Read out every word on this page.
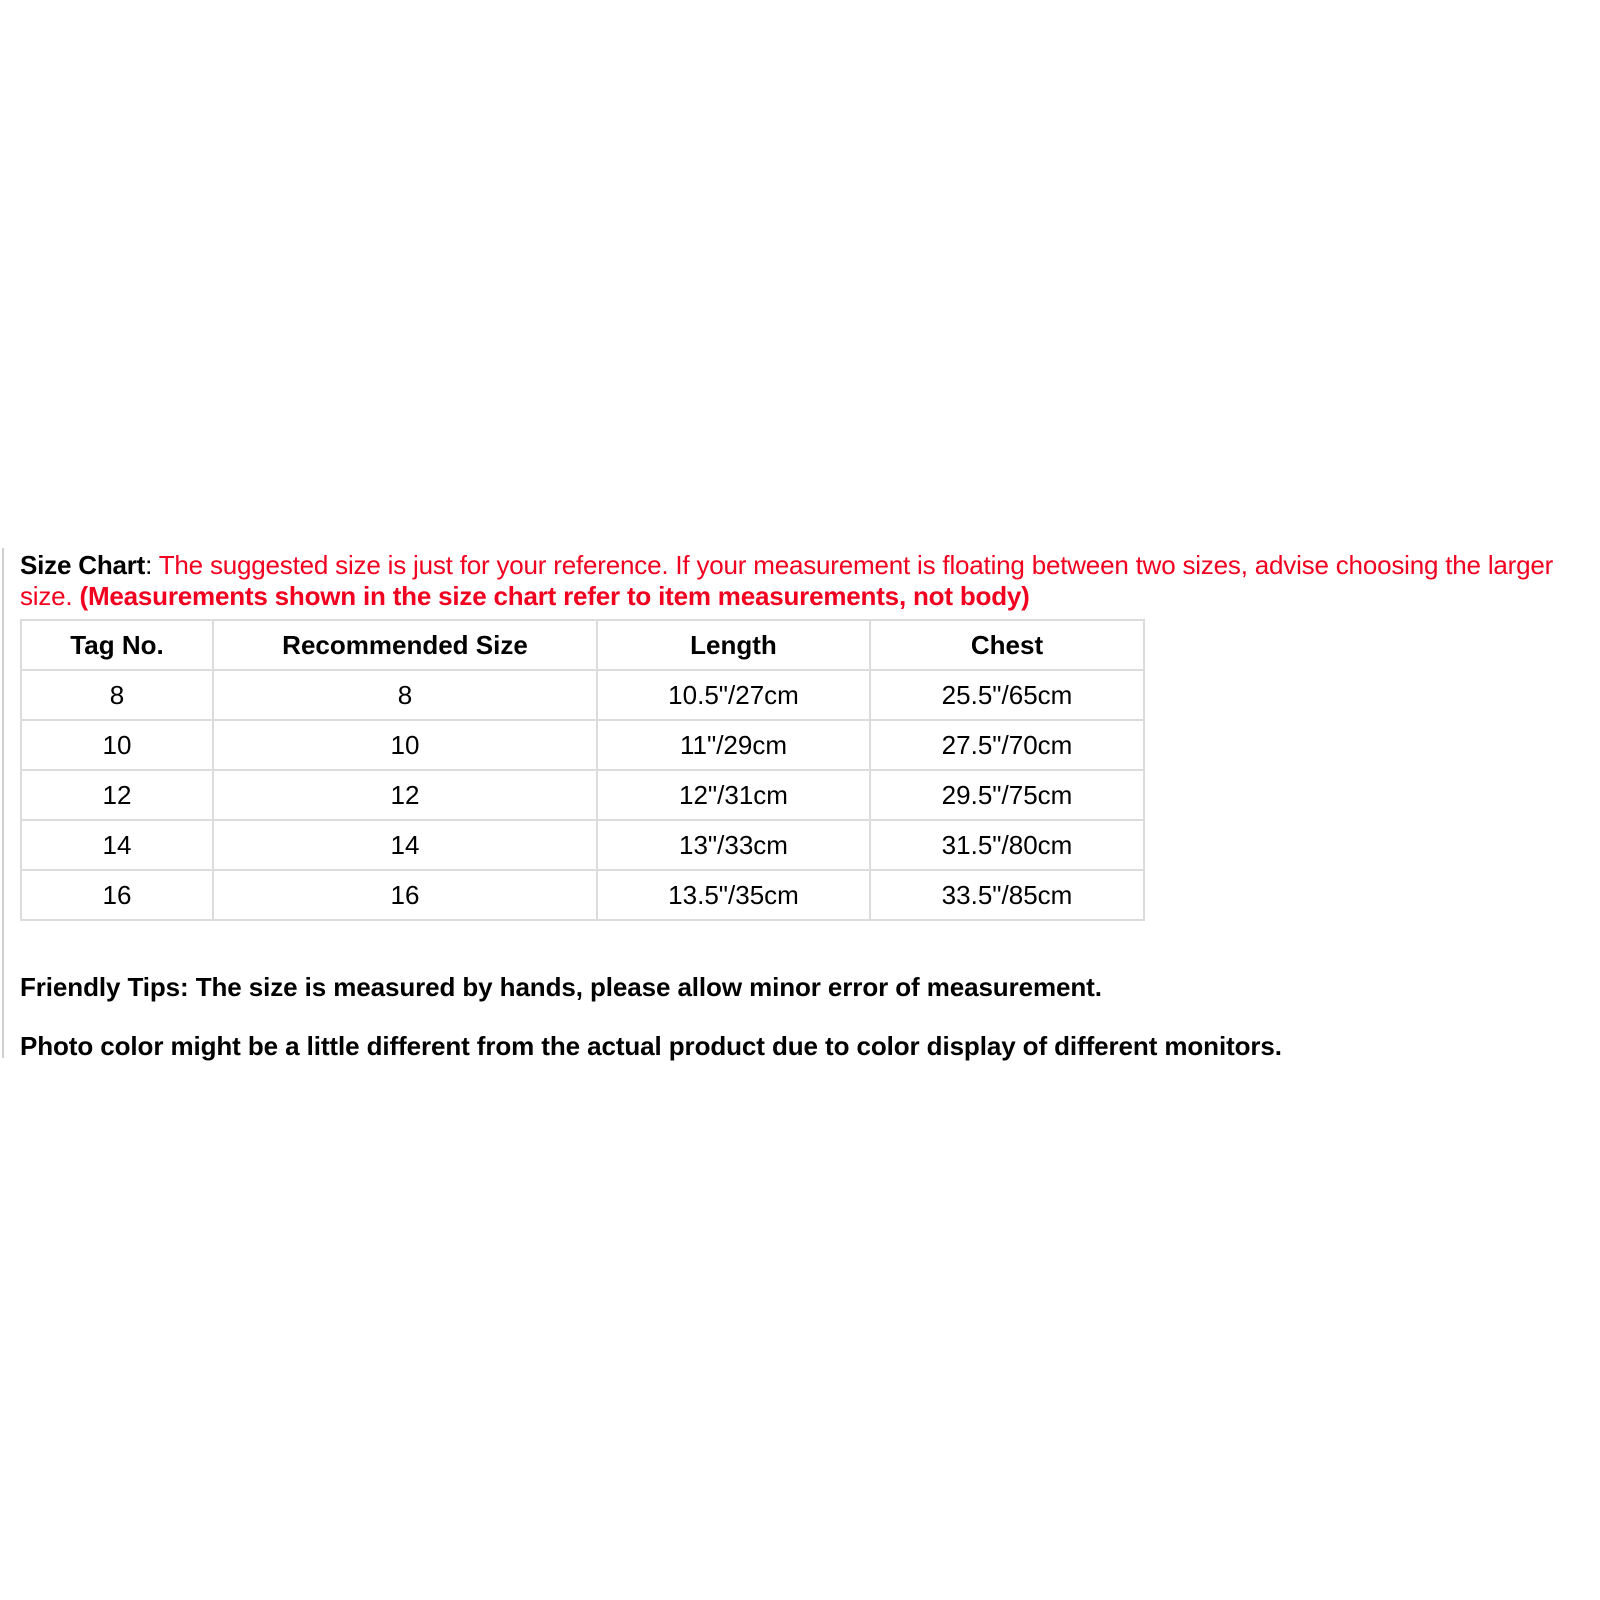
Size Chart: The suggested size is just for your reference. If your measurement is floating between two sizes, advise choosing the larger size. (Measurements shown in the size chart refer to item measurements, not body)
Tag No.	Recommended Size	Length	Chest
8	8	10.5"/27cm	25.5"/65cm
10	10	11"/29cm	27.5"/70cm
12	12	12"/31cm	29.5"/75cm
14	14	13"/33cm	31.5"/80cm
16	16	13.5"/35cm	33.5"/85cm
Friendly Tips: The size is measured by hands, please allow minor error of measurement.
Photo color might be a little different from the actual product due to color display of different monitors.
